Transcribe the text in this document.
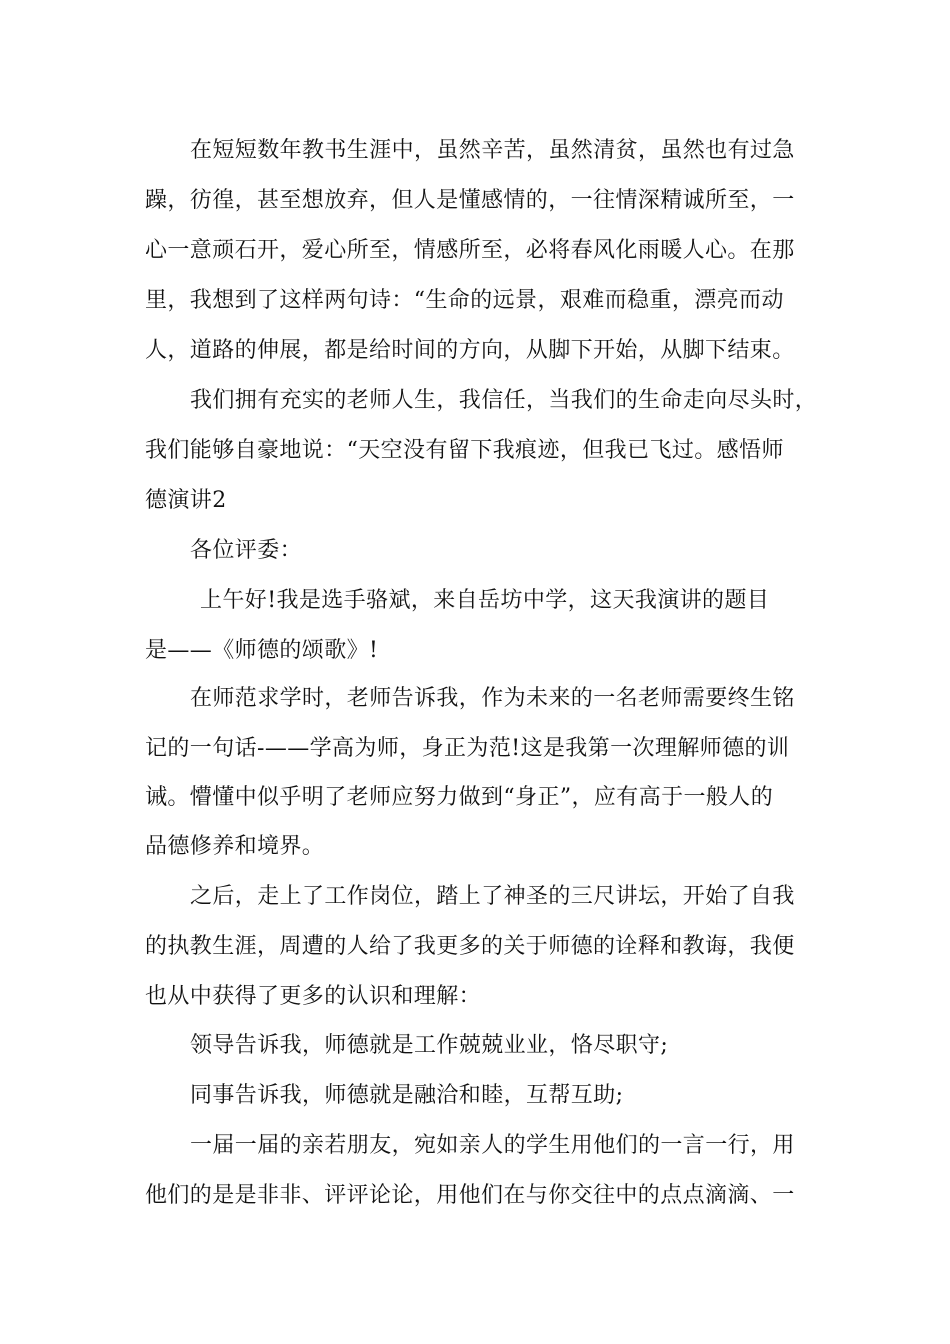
在短短数年教书生涯中，虽然辛苦，虽然清贫，虽然也有过急
躁，彷徨，甚至想放弃，但人是懂感情的，一往情深精诚所至，一
心一意顽石开，爱心所至，情感所至，必将春风化雨暖人心。在那
里，我想到了这样两句诗：“生命的远景，艰难而稳重，漂亮而动
人，道路的伸展，都是给时间的方向，从脚下开始，从脚下结束。
我们拥有充实的老师人生，我信任，当我们的生命走向尽头时，
我们能够自豪地说：“天空没有留下我痕迹，但我已飞过。感悟师
德演讲2
各位评委：
上午好!我是选手骆斌，来自岳坊中学，这天我演讲的题目
是——《师德的颂歌》!
在师范求学时，老师告诉我，作为未来的一名老师需要终生铭
记的一句话-——学高为师，身正为范!这是我第一次理解师德的训
诫。懵懂中似乎明了老师应努力做到“身正”，应有高于一般人的
品德修养和境界。
之后，走上了工作岗位，踏上了神圣的三尺讲坛，开始了自我
的执教生涯，周遭的人给了我更多的关于师德的诠释和教诲，我便
也从中获得了更多的认识和理解：
领导告诉我，师德就是工作兢兢业业，恪尽职守;
同事告诉我，师德就是融洽和睦，互帮互助;
一届一届的亲若朋友，宛如亲人的学生用他们的一言一行，用
他们的是是非非、评评论论，用他们在与你交往中的点点滴滴、一
